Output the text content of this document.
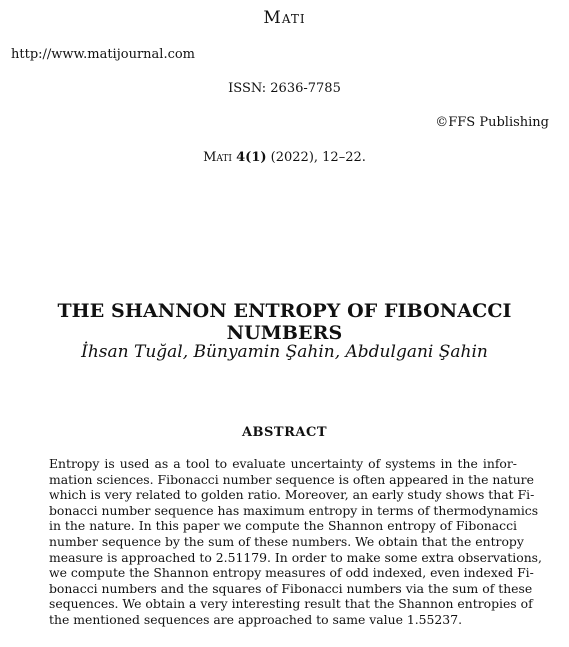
Mati
http://www.matijournal.com
ISSN: 2636-7785
©FFS Publishing
Mati 4(1) (2022), 12–22.
THE SHANNON ENTROPY OF FIBONACCI NUMBERS
İhsan Tuğal, Bünyamin Şahin, Abdulgani Şahin
ABSTRACT
Entropy is used as a tool to evaluate uncertainty of systems in the infor-
mation sciences. Fibonacci number sequence is often appeared in the nature
which is very related to golden ratio. Moreover, an early study shows that Fi-
bonacci number sequence has maximum entropy in terms of thermodynamics
in the nature. In this paper we compute the Shannon entropy of Fibonacci
number sequence by the sum of these numbers. We obtain that the entropy
measure is approached to 2.51179. In order to make some extra observations,
we compute the Shannon entropy measures of odd indexed, even indexed Fi-
bonacci numbers and the squares of Fibonacci numbers via the sum of these
sequences. We obtain a very interesting result that the Shannon entropies of
the mentioned sequences are approached to same value 1.55237.
